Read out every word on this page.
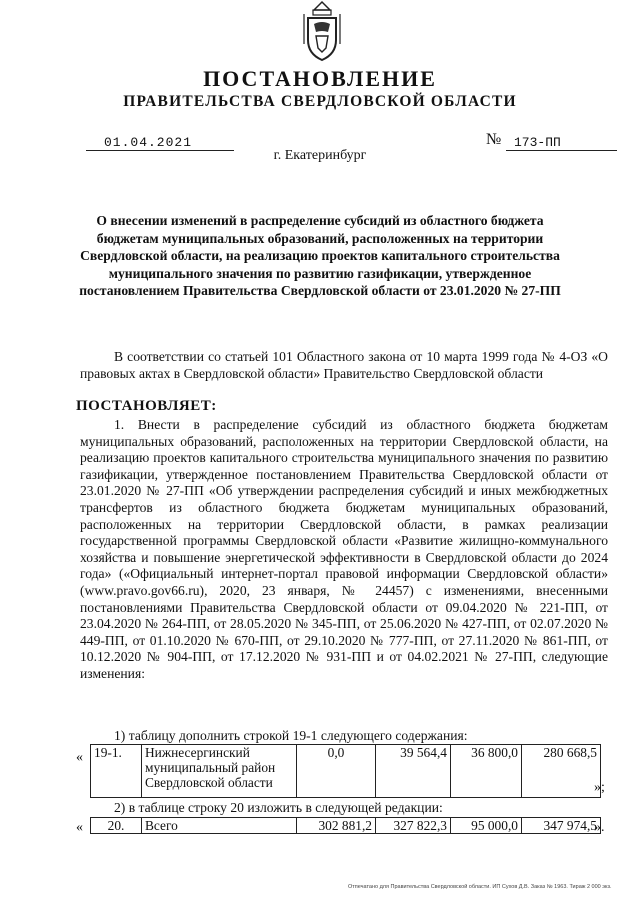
ПОСТАНОВЛЕНИЕ
ПРАВИТЕЛЬСТВА СВЕРДЛОВСКОЙ ОБЛАСТИ
01.04.2021	№ 173-ПП
г. Екатеринбург
О внесении изменений в распределение субсидий из областного бюджета бюджетам муниципальных образований, расположенных на территории Свердловской области, на реализацию проектов капитального строительства муниципального значения по развитию газификации, утвержденное постановлением Правительства Свердловской области от 23.01.2020 № 27-ПП
В соответствии со статьей 101 Областного закона от 10 марта 1999 года № 4-ОЗ «О правовых актах в Свердловской области» Правительство Свердловской области
ПОСТАНОВЛЯЕТ:
1. Внести в распределение субсидий из областного бюджета бюджетам муниципальных образований, расположенных на территории Свердловской области, на реализацию проектов капитального строительства муниципального значения по развитию газификации, утвержденное постановлением Правительства Свердловской области от 23.01.2020 № 27-ПП «Об утверждении распределения субсидий и иных межбюджетных трансфертов из областного бюджета бюджетам муниципальных образований, расположенных на территории Свердловской области, в рамках реализации государственной программы Свердловской области «Развитие жилищно-коммунального хозяйства и повышение энергетической эффективности в Свердловской области до 2024 года» («Официальный интернет-портал правовой информации Свердловской области» (www.pravo.gov66.ru), 2020, 23 января, № 24457) с изменениями, внесенными постановлениями Правительства Свердловской области от 09.04.2020 № 221-ПП, от 23.04.2020 № 264-ПП, от 28.05.2020 № 345-ПП, от 25.06.2020 № 427-ПП, от 02.07.2020 № 449-ПП, от 01.10.2020 № 670-ПП, от 29.10.2020 № 777-ПП, от 27.11.2020 № 861-ПП, от 10.12.2020 № 904-ПП, от 17.12.2020 № 931-ПП и от 04.02.2021 № 27-ПП, следующие изменения:
1) таблицу дополнить строкой 19-1 следующего содержания:
« 19-1.	Нижнесергинский муниципальный район Свердловской области	0,0	39 564,4	36 800,0	280 668,5
»;
2) в таблице строку 20 изложить в следующей редакции:
« 20.	Всего	302 881,2	327 822,3	95 000,0	347 974,5
».
Отпечатано для Правительства Свердловской области. ИП Сухов Д.В. Заказ № 1963. Тираж 2 000 экз.
